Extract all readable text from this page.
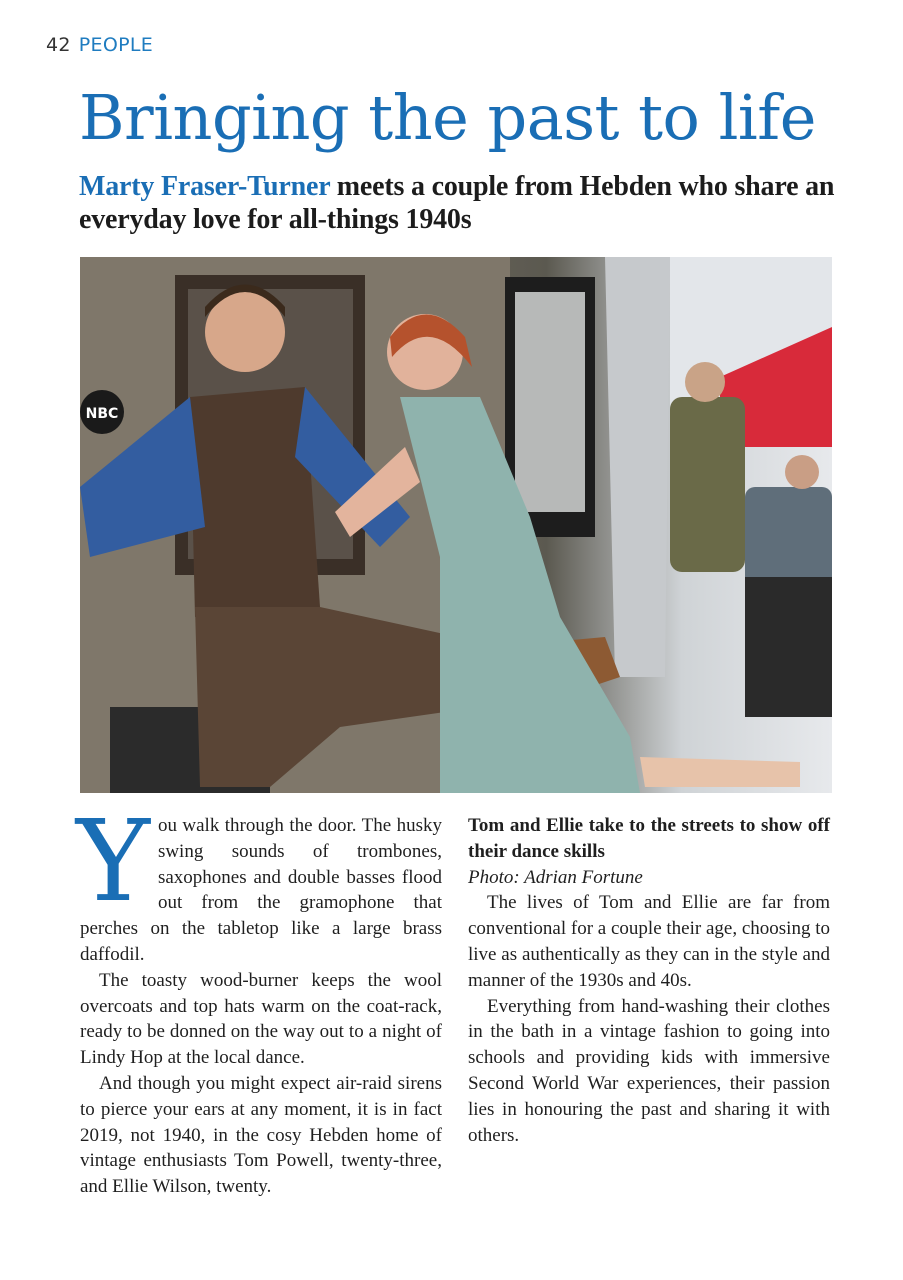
42 PEOPLE
Bringing the past to life

Marty Fraser-Turner meets a couple from Hebden who share an everyday love for all-things 1940s

NBC
Y ou walk through the door. The husky swing sounds of trombones, saxophones and double basses flood out from the gramophone that perches on the tabletop like a large brass daffodil.

The toasty wood-burner keeps the wool overcoats and top hats warm on the coat-rack, ready to be donned on the way out to a night of Lindy Hop at the local dance.

And though you might expect air-raid sirens to pierce your ears at any moment, it is in fact 2019, not 1940, in the cosy Hebden home of vintage enthusiasts Tom Powell, twenty-three, and Ellie Wilson, twenty.

Tom and Ellie take to the streets to show off their dance skills

Photo: Adrian Fortune

The lives of Tom and Ellie are far from conventional for a couple their age, choosing to live as authentically as they can in the style and manner of the 1930s and 40s.

Everything from hand-washing their clothes in the bath in a vintage fashion to going into schools and providing kids with immersive Second World War experiences, their passion lies in honouring the past and sharing it with others.
